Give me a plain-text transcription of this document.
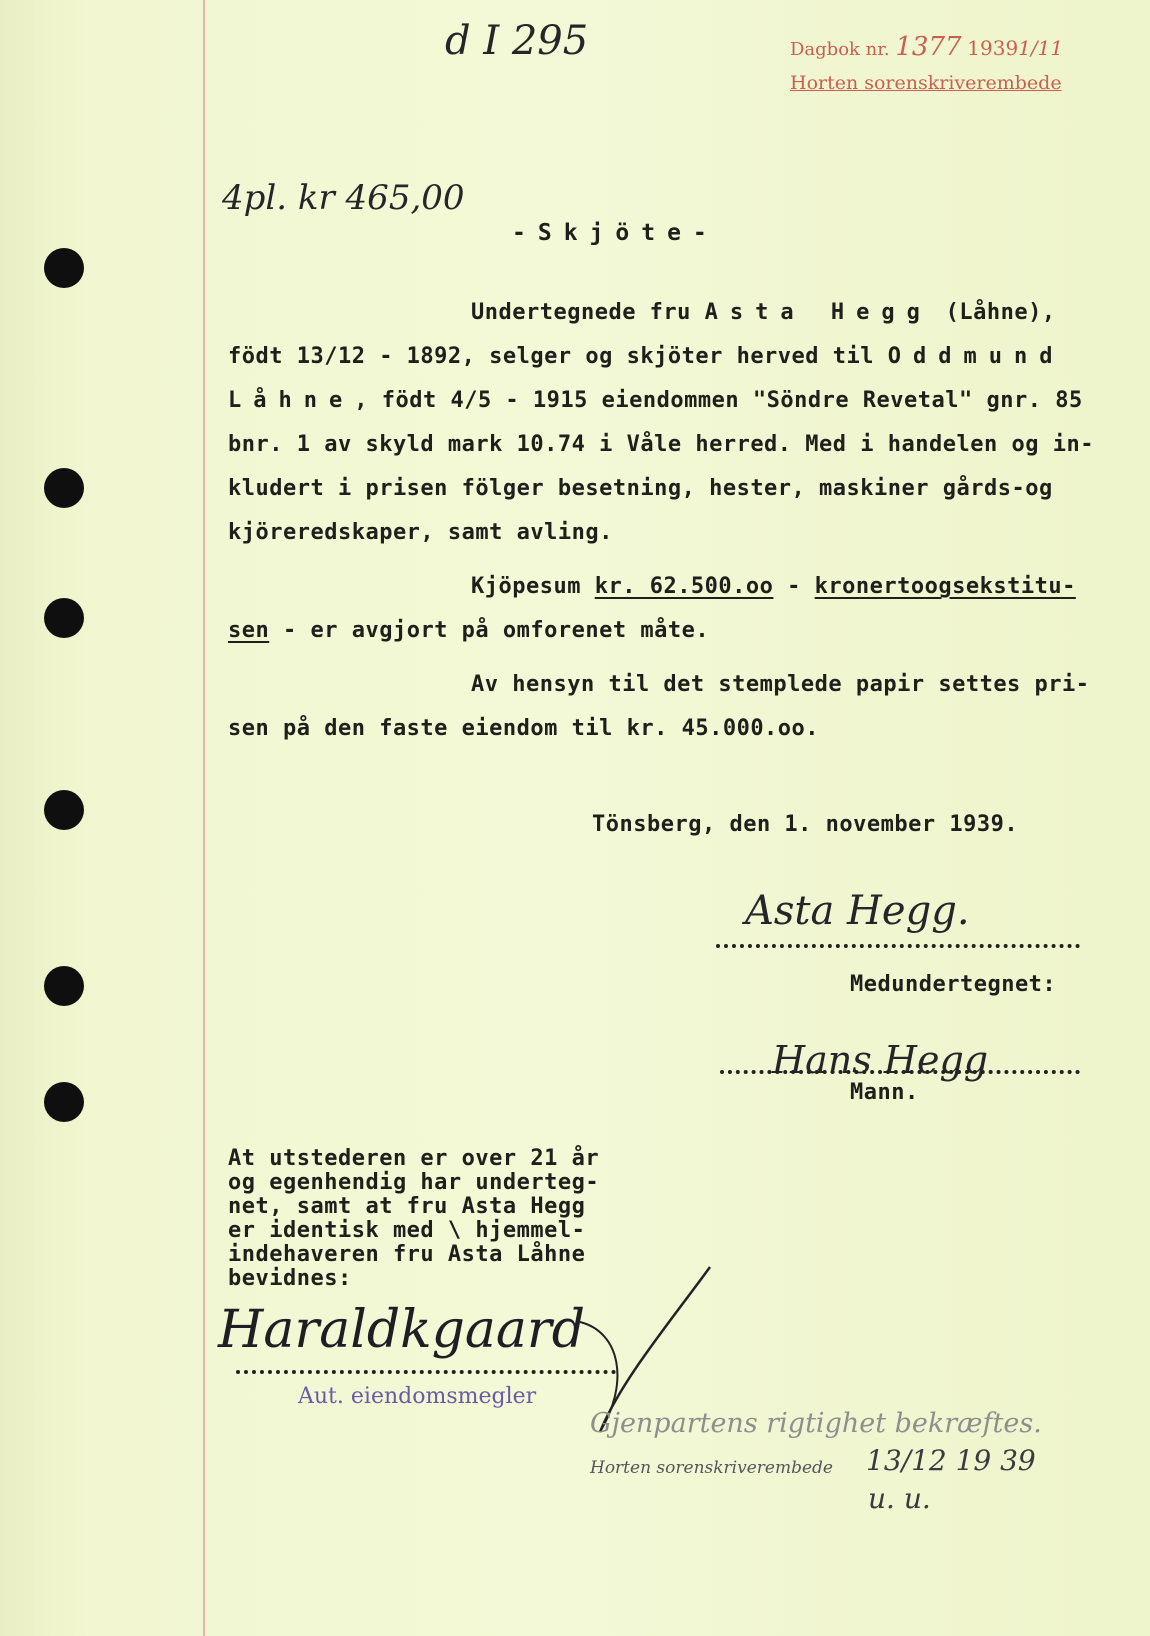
d I 295	Dagbok nr. 1377 19391/11
Horten sorenskriverembede
4pl. kr 465,00
-Skjöte-
Undertegnede fru Asta Hegg (Låhne),
födt 13/12 - 1892, selger og skjöter herved til Oddmund
Låhne, födt 4/5 - 1915 eiendommen "Söndre Revetal" gnr. 85
bnr. 1 av skyld mark 10.74 i Våle herred. Med i handelen og in-
kludert i prisen fölger besetning, hester, maskiner gårds-og
kjöreredskaper, samt avling.
Kjöpesum kr. 62.500.oo - kronertoogsekstitu-
sen - er avgjort på omforenet måte.
Av hensyn til det stemplede papir settes pri-
sen på den faste eiendom til kr. 45.000.oo.
Tönsberg, den 1. november 1939.
Asta Hegg.
Medundertegnet:
Hans Hegg
Mann.
At utstederen er over 21 år
og egenhendig har underteg-
net, samt at fru Asta Hegg
er identisk med \ hjemmel-
indehaveren fru Asta Låhne
bevidnes:
Haraldkgaard
Aut. eiendomsmegler
Gjenpartens rigtighet bekræftes.
Horten sorenskriverembede 13/12 19 39
u. u.
